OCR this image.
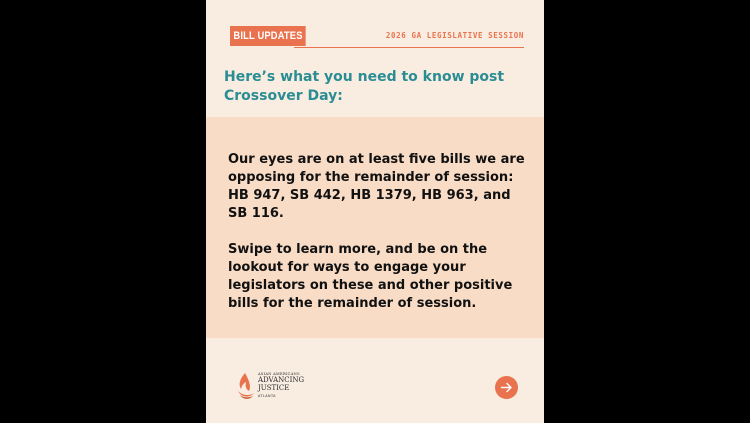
BILL UPDATES	2026 GA LEGISLATIVE SESSION
Here’s what you need to know post
Crossover Day:

Our eyes are on at least five bills we are opposing for the remainder of session: HB 947, SB 442, HB 1379, HB 963, and SB 116.

Swipe to learn more, and be on the lookout for ways to engage your legislators on these and other positive bills for the remainder of session.

ASIAN AMERICANS
ADVANCING
JUSTICE
ATLANTA
